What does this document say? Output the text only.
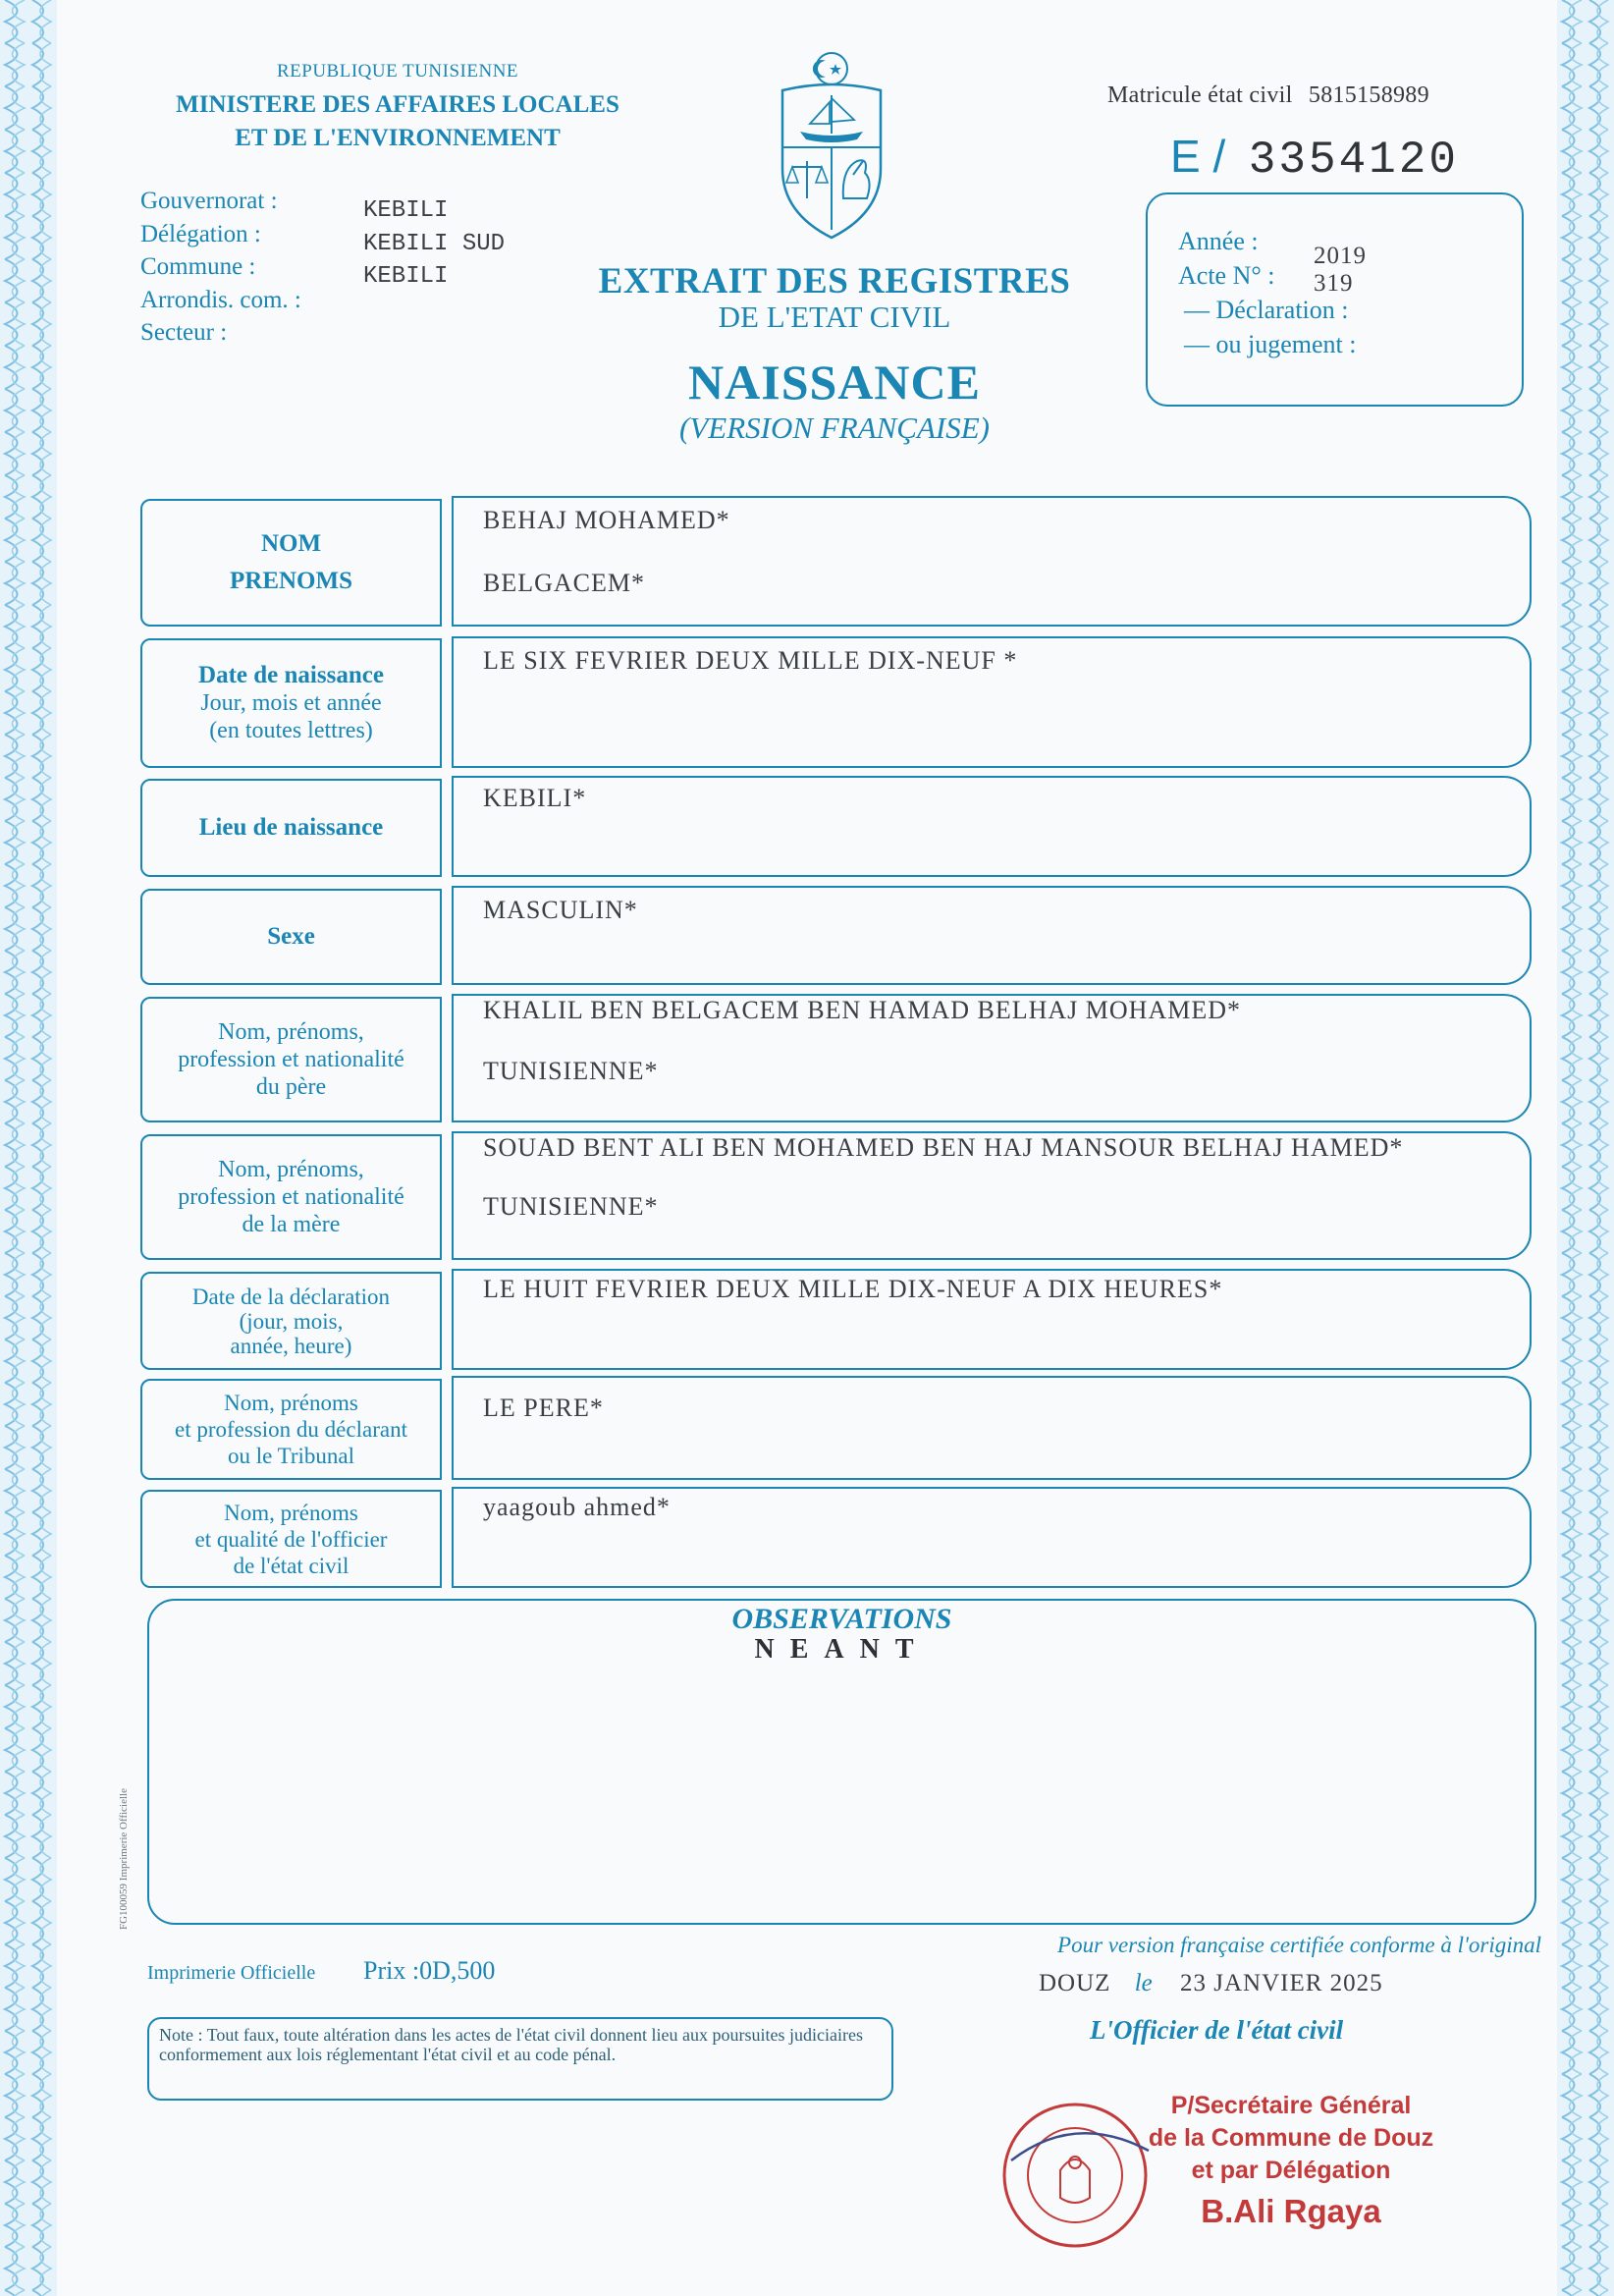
REPUBLIQUE TUNISIENNE
MINISTERE DES AFFAIRES LOCALES
ET DE L'ENVIRONNEMENT
Gouvernorat :
Délégation :
Commune :
Arrondis. com. :
Secteur :
KEBILI
KEBILI SUD
KEBILI	EXTRAIT DES REGISTRES
DE L'ETAT CIVIL
NAISSANCE
(VERSION FRANÇAISE)
Matricule état civil 5815158989
E / 3354120
Année :
Acte N° :
— Déclaration :
— ou jugement :
2019
319
NOM
PRENOMS
BEHAJ MOHAMED*
BELGACEM*
Date de naissance
Jour, mois et année
(en toutes lettres)
LE SIX FEVRIER DEUX MILLE DIX-NEUF *
Lieu de naissance
KEBILI*
Sexe
MASCULIN*
Nom, prénoms,
profession et nationalité
du père
KHALIL BEN BELGACEM BEN HAMAD BELHAJ MOHAMED*
TUNISIENNE*
Nom, prénoms,
profession et nationalité
de la mère
SOUAD BENT ALI BEN MOHAMED BEN HAJ MANSOUR BELHAJ HAMED*
TUNISIENNE*
Date de la déclaration
(jour, mois,
année, heure)
LE HUIT FEVRIER DEUX MILLE DIX-NEUF A DIX HEURES*
Nom, prénoms
et profession du déclarant
ou le Tribunal
LE PERE*
Nom, prénoms
et qualité de l'officier
de l'état civil
yaagoub ahmed*
OBSERVATIONS
NEANT
FG100059 Imprimerie Officielle
Imprimerie Officielle Prix :0D,500
Note : Tout faux, toute altération dans les actes de l'état civil donnent lieu aux poursuites judiciaires conformement aux lois réglementant l'état civil et au code pénal.
Pour version française certifiée conforme à l'original
DOUZ le 23 JANVIER 2025
L'Officier de l'état civil
P/Secrétaire Général
de la Commune de Douz
et par Délégation
B.Ali Rgaya
